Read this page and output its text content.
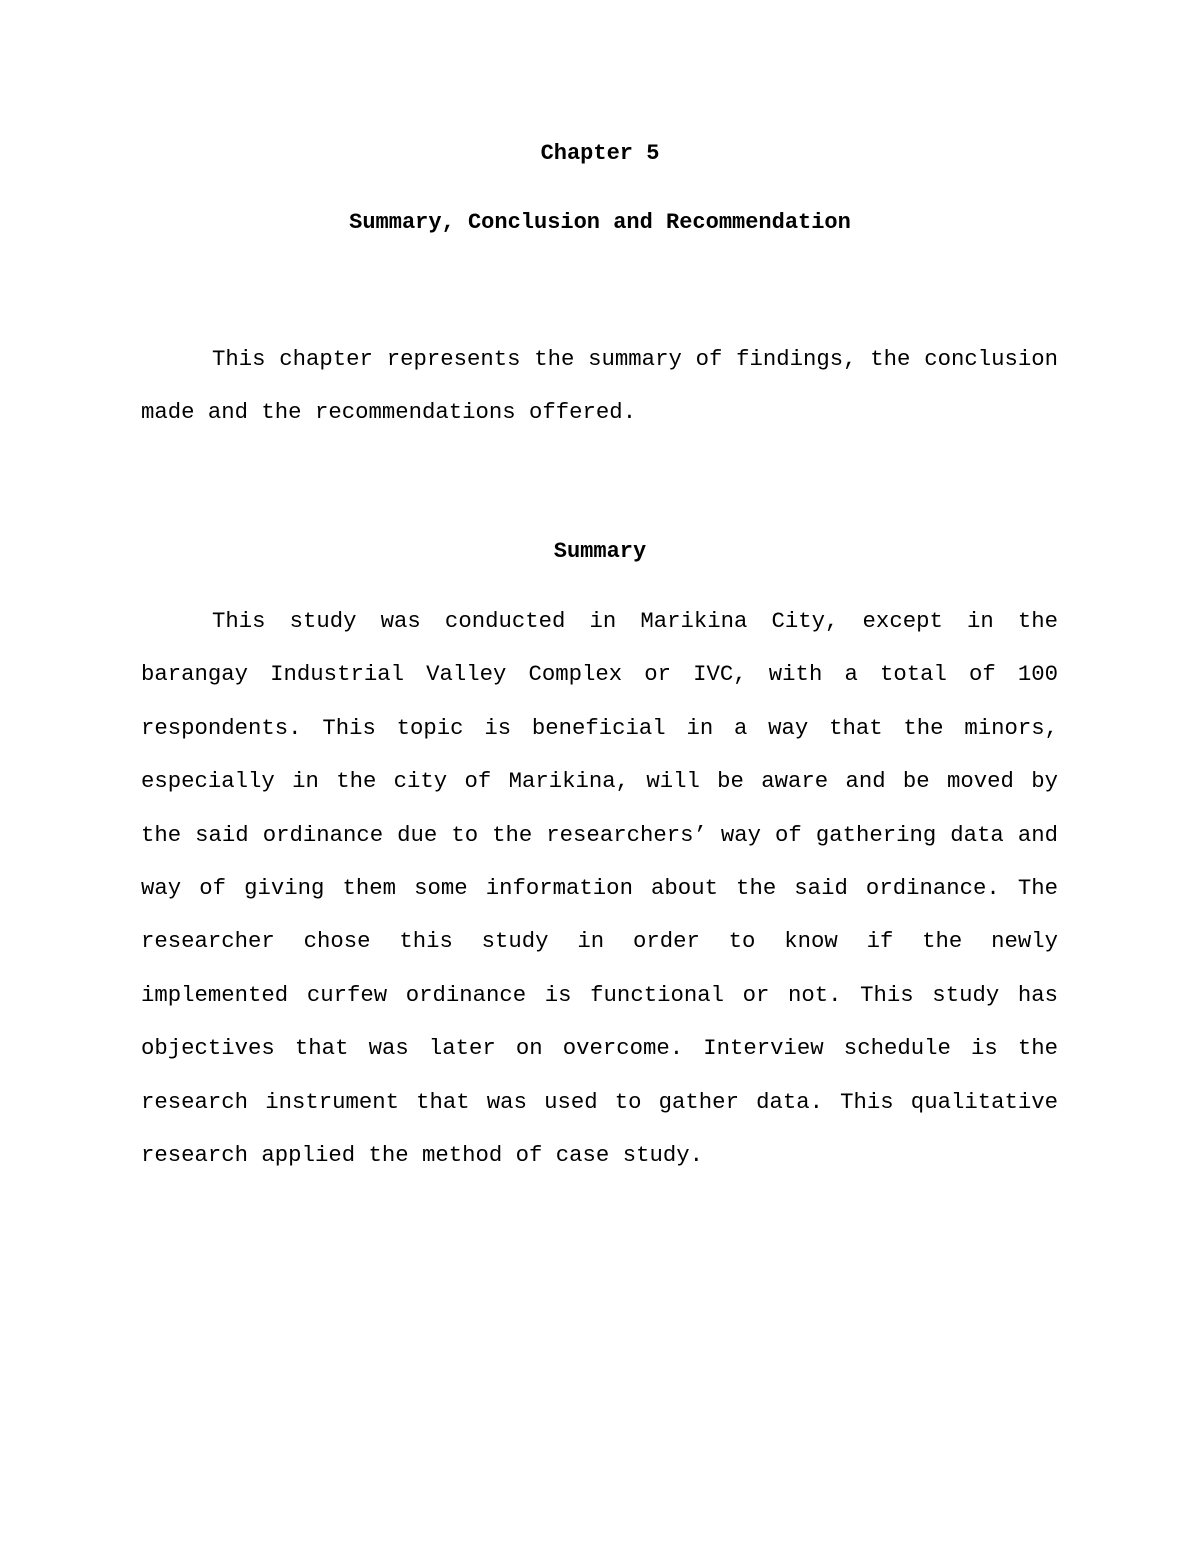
Chapter 5
Summary, Conclusion and Recommendation

This chapter represents the summary of findings, the conclusion made and the recommendations offered.

Summary

This study was conducted in Marikina City, except in the barangay Industrial Valley Complex or IVC, with a total of 100 respondents. This topic is beneficial in a way that the minors, especially in the city of Marikina, will be aware and be moved by the said ordinance due to the researchers’ way of gathering data and way of giving them some information about the said ordinance. The researcher chose this study in order to know if the newly implemented curfew ordinance is functional or not. This study has objectives that was later on overcome. Interview schedule is the research instrument that was used to gather data. This qualitative research applied the method of case study.
